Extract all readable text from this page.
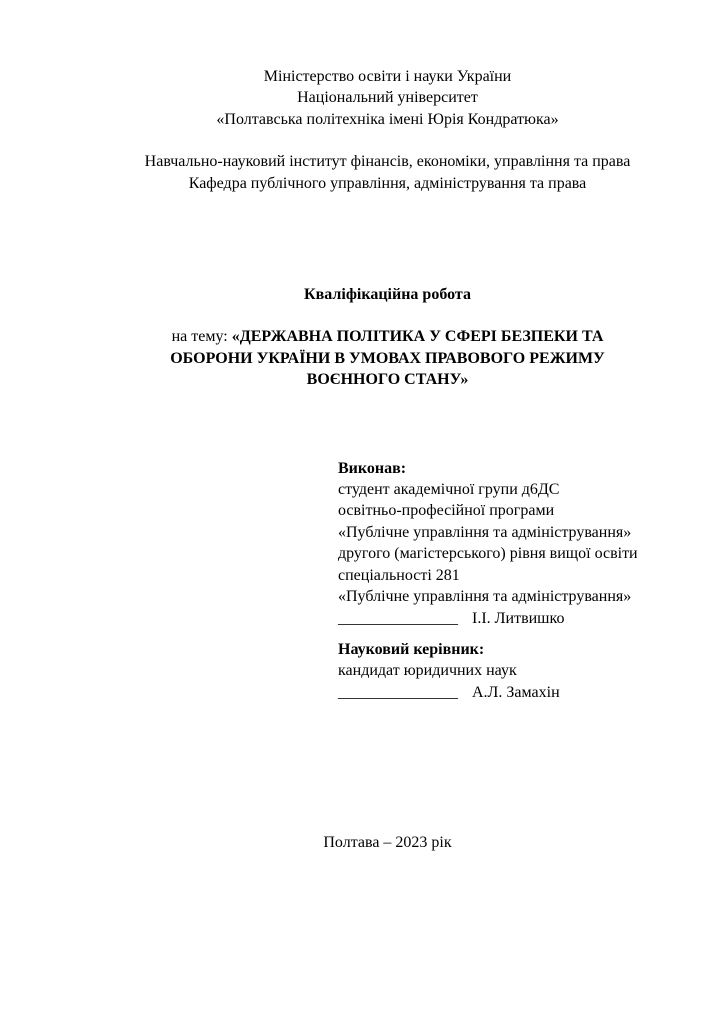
Міністерство освіти і науки України
Національний університет
«Полтавська політехніка імені Юрія Кондратюка»
Навчально-науковий інститут фінансів, економіки, управління та права
Кафедра публічного управління, адміністрування та права
Кваліфікаційна робота

на тему: «ДЕРЖАВНА ПОЛІТИКА У СФЕРІ БЕЗПЕКИ ТА ОБОРОНИ УКРАЇНИ В УМОВАХ ПРАВОВОГО РЕЖИМУ ВОЄННОГО СТАНУ»

Виконав:
студент академічної групи д6ДС
освітньо-професійної програми
«Публічне управління та адміністрування»
другого (магістерського) рівня вищої освіти
спеціальності 281
«Публічне управління та адміністрування»
_______________ І.І. Литвишко
Науковий керівник:
кандидат юридичних наук
_______________ А.Л. Замахін
Полтава – 2023 рік
